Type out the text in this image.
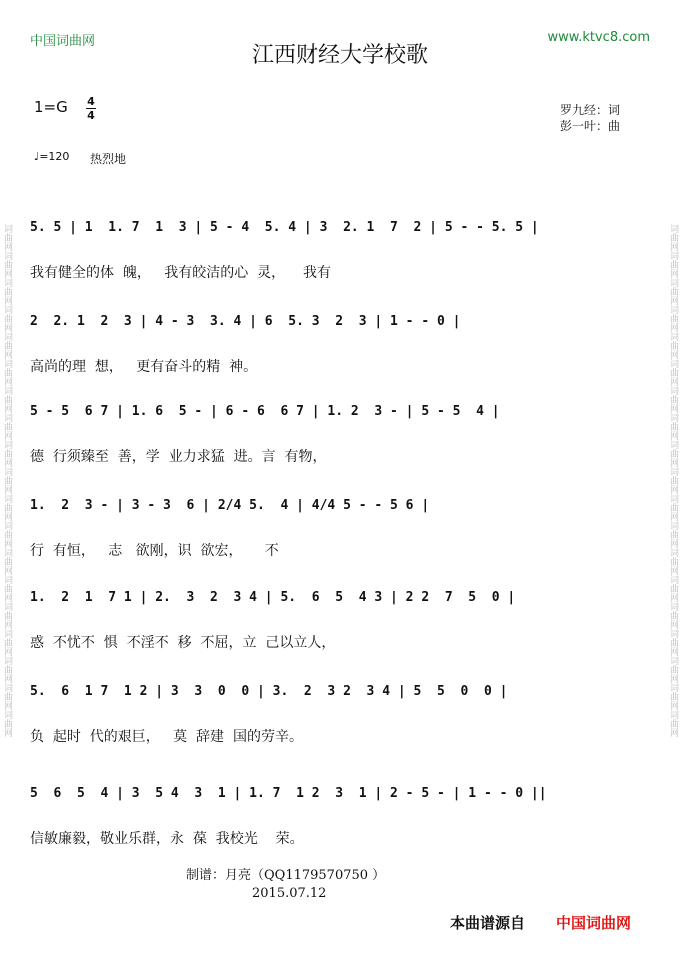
词曲网词曲网词曲网词曲网词曲网词曲网词曲网词曲网词曲网词曲网词曲网词曲网词曲网词曲网词曲网词曲网词曲网词曲网词曲网	词曲网词曲网词曲网词曲网词曲网词曲网词曲网词曲网词曲网词曲网词曲网词曲网词曲网词曲网词曲网词曲网词曲网词曲网词曲网
中国词曲网	www.ktvc8.com
江西财经大学校歌
1=G 4
4	罗九经：词
彭一叶：曲
♩=120 热烈地
5. 5 | 1  1. 7  1  3 | 5 - 4  5. 4 | 3  2. 1  7  2 | 5 - - 5. 5 |
我有健全的体  魄，   我有皎洁的心  灵，    我有
2  2. 1  2  3 | 4 - 3  3. 4 | 6  5. 3  2  3 | 1 - - 0 |
高尚的理  想，   更有奋斗的精  神。
5 - 5  6 7 | 1. 6  5 - | 6 - 6  6 7 | 1. 2  3 - | 5 - 5  4 |
德  行须臻至  善，学  业力求猛  进。言  有物，
1.  2  3 - | 3 - 3  6 | 2/4 5.  4 | 4/4 5 - - 5 6 |
行  有恒，   志   欲刚，识  欲宏，     不
1.  2  1  7 1 | 2.  3  2  3 4 | 5.  6  5  4 3 | 2 2  7  5  0 |
惑  不忧不  惧  不淫不  移  不屈，立  己以立人，
5.  6  1 7  1 2 | 3  3  0  0 | 3.  2  3 2  3 4 | 5  5  0  0 |
负  起时  代的艰巨，   莫  辞建  国的劳辛。
5  6  5  4 | 3  5 4  3  1 | 1. 7  1 2  3  1 | 2 - 5 - | 1 - - 0 ||
信敏廉毅，敬业乐群，永  葆  我校光    荣。
制谱：月亮（QQ1179570750 ）
2015.07.12
本曲谱源自 中国词曲网
